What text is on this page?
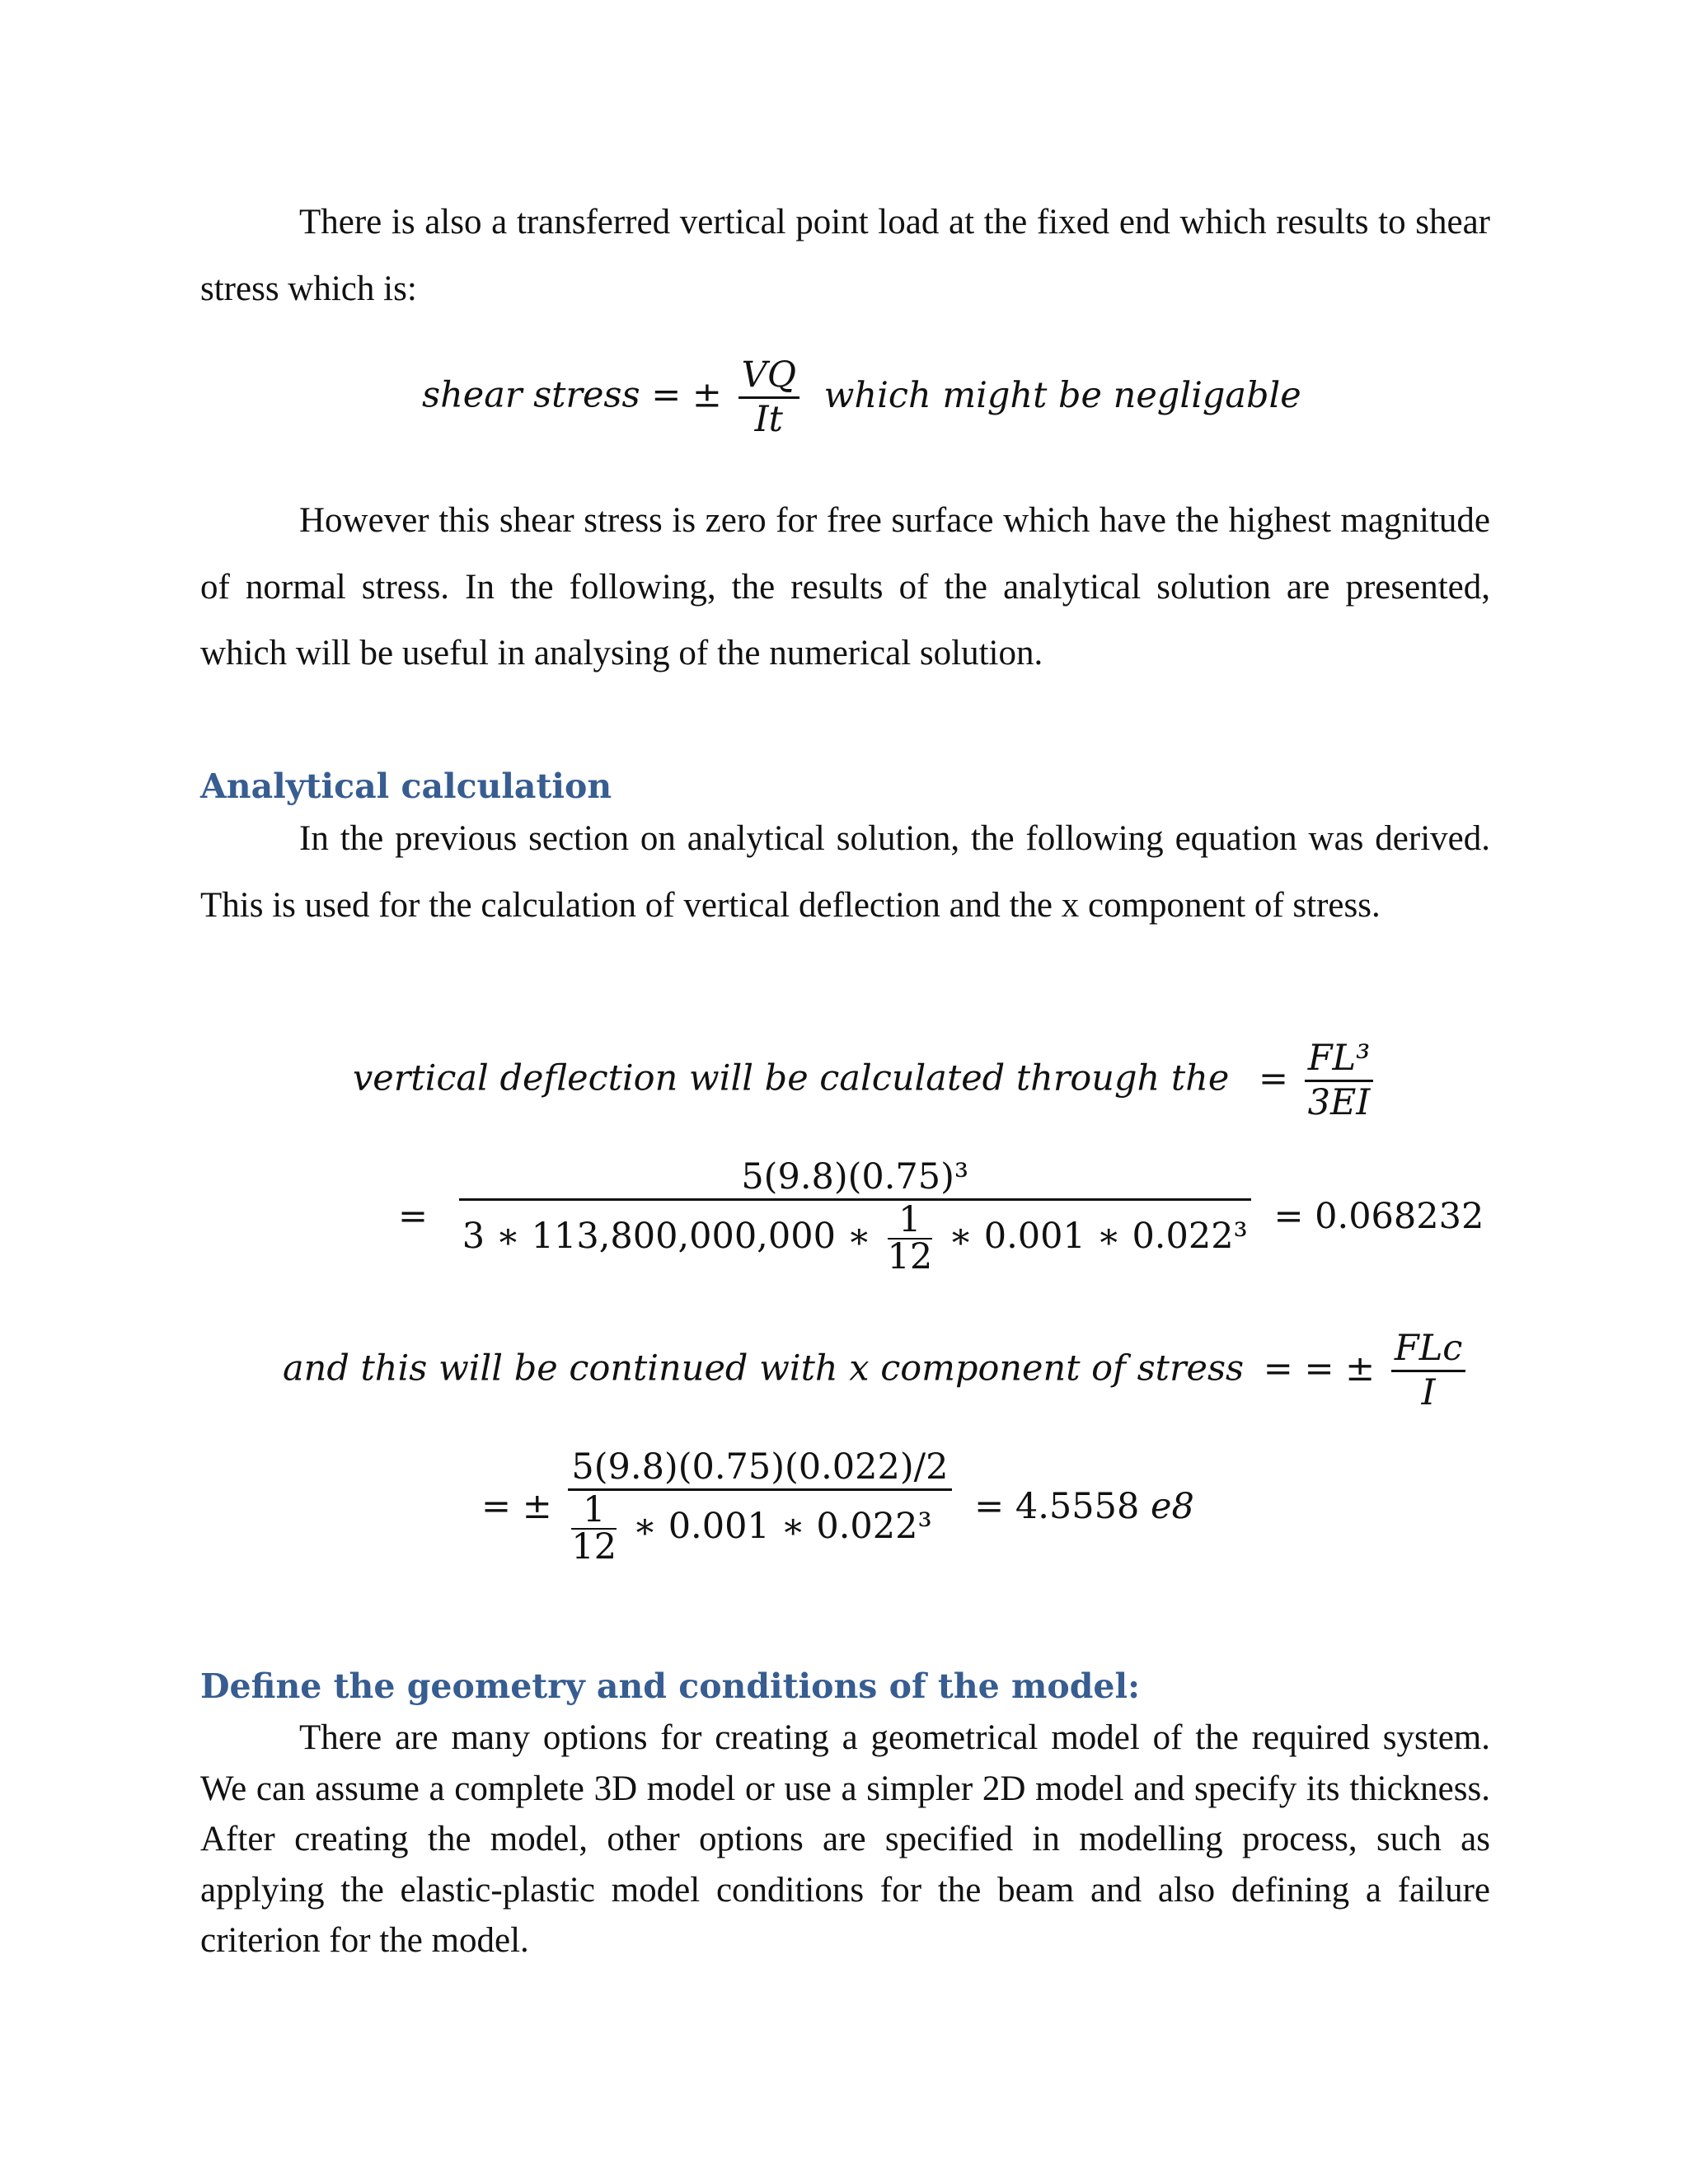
There is also a transferred vertical point load at the fixed end which results to shear stress which is:

shear stress = ± $\frac{VQ}{It}$ which might be negligable

However this shear stress is zero for free surface which have the highest magnitude of normal stress. In the following, the results of the analytical solution are presented, which will be useful in analysing of the numerical solution.

Analytical calculation

In the previous section on analytical solution, the following equation was derived. This is used for the calculation of vertical deflection and the x component of stress.

vertical deflection will be calculated through the = $\frac{\text{FL³}}{3EI}$
=
5(9.8)(0.75)³
3 ∗ 113,800,000,000 ∗ $\frac{1}{12}$ ∗ 0.001 ∗ 0.022³ = 0.068232
and this will be continued with x component of stress = = ± $\frac{\text{FLc}}{I}$
= ± $\frac{5(9.8)(0.75)(0.022)/2}{\frac{1}{12} ∗ 0.001 ∗ 0.022^3} = 4.5558$ e8
Define the geometry and conditions of the model:

There are many options for creating a geometrical model of the required system. We can assume a complete 3D model or use a simpler 2D model and specify its thickness. After creating the model, other options are specified in modelling process, such as applying the elastic-plastic model conditions for the beam and also defining a failure criterion for the model.
